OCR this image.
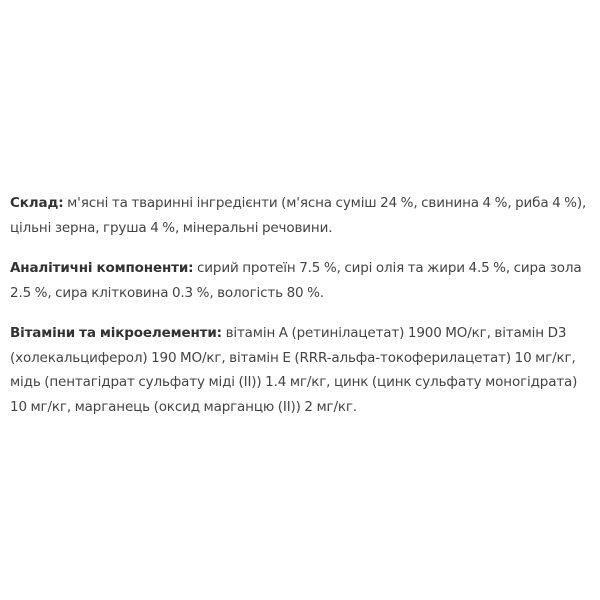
Склад: м'ясні та тваринні інгредієнти (м'ясна суміш 24 %, свинина 4 %, риба 4 %), цільні зерна, груша 4 %, мінеральні речовини.

Аналітичні компоненти: сирий протеїн 7.5 %, сирі олія та жири 4.5 %, сира зола 2.5 %, сира клітковина 0.3 %, вологість 80 %.

Вітаміни та мікроелементи: вітамін A (ретинілацетат) 1900 МО/кг, вітамін D3 (холекальциферол) 190 МО/кг, вітамін E (RRR-альфа-токоферилацетат) 10 мг/кг, мідь (пентагідрат сульфату міді (II)) 1.4 мг/кг, цинк (цинк сульфату моногідрата) 10 мг/кг, марганець (оксид марганцю (II)) 2 мг/кг.
